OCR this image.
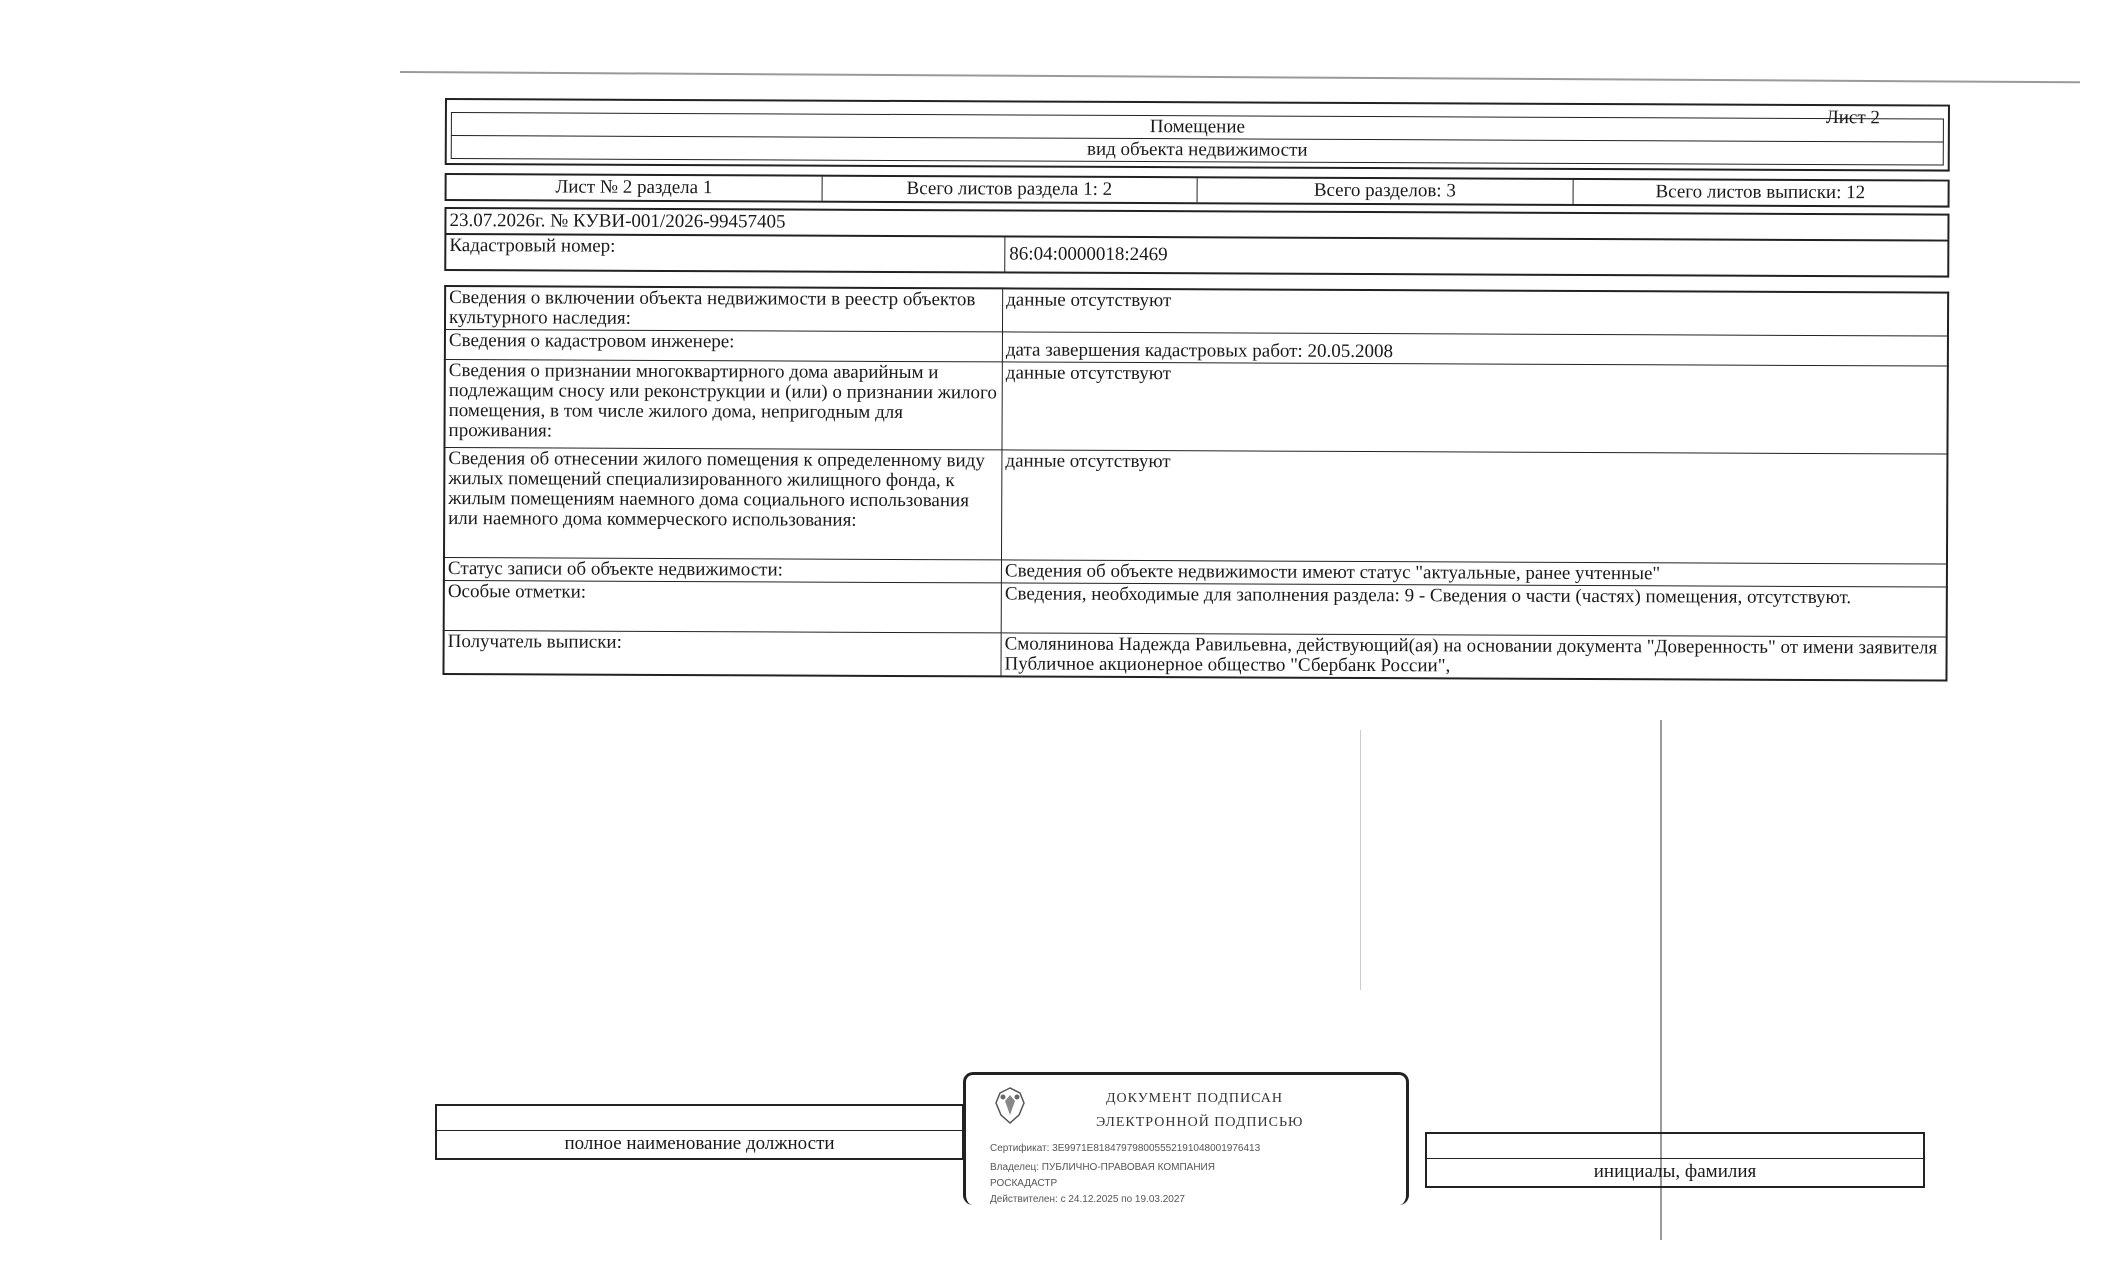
Лист 2
Помещение
вид объекта недвижимости
Лист № 2 раздела 1	Всего листов раздела 1: 2	Всего разделов: 3	Всего листов выписки: 12
23.07.2026г. № КУВИ-001/2026-99457405
Кадастровый номер:	86:04:0000018:2469
Сведения о включении объекта недвижимости в реестр объектов культурного наследия:	данные отсутствуют
Сведения о кадастровом инженере:	дата завершения кадастровых работ: 20.05.2008
Сведения о признании многоквартирного дома аварийным и подлежащим сносу или реконструкции и (или) о признании жилого помещения, в том числе жилого дома, непригодным для проживания:	данные отсутствуют
Сведения об отнесении жилого помещения к определенному виду жилых помещений специализированного жилищного фонда, к жилым помещениям наемного дома социального использования или наемного дома коммерческого использования:	данные отсутствуют
Статус записи об объекте недвижимости:	Сведения об объекте недвижимости имеют статус "актуальные, ранее учтенные"
Особые отметки:	Сведения, необходимые для заполнения раздела: 9 - Сведения о части (частях) помещения, отсутствуют.
Получатель выписки:	Смолянинова Надежда Равильевна, действующий(ая) на основании документа "Доверенность" от имени заявителя Публичное акционерное общество "Сбербанк России",
полное наименование должности
инициалы, фамилия
ДОКУМЕНТ ПОДПИСАН
ЭЛЕКТРОННОЙ ПОДПИСЬЮ
Сертификат: 3Е9971Е818479798005552191048001976413
Владелец: ПУБЛИЧНО-ПРАВОВАЯ КОМПАНИЯ
РОСКАДАСТР
Действителен: с 24.12.2025 по 19.03.2027
